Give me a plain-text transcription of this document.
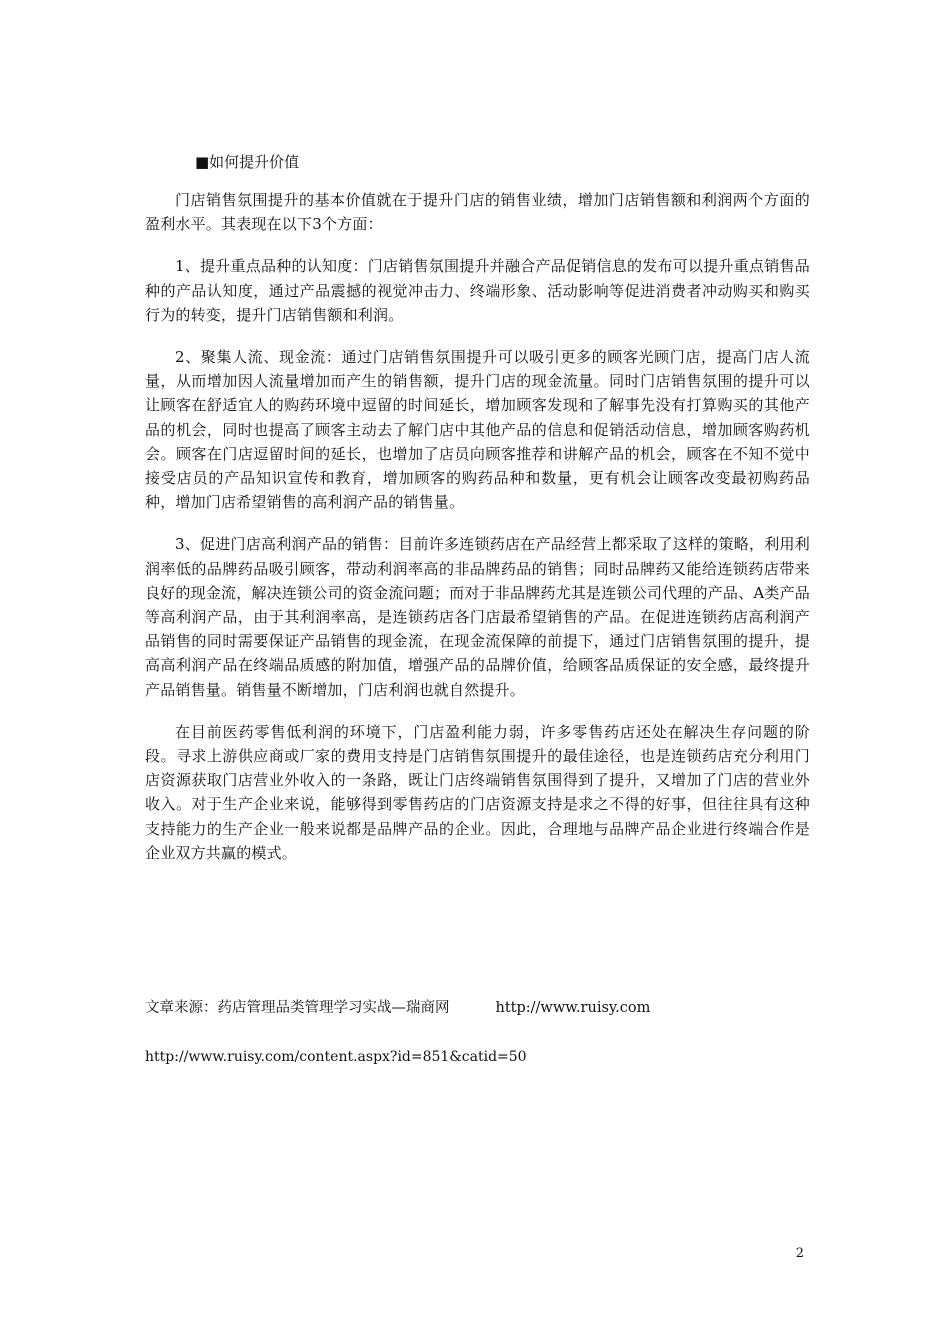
■如何提升价值

门店销售氛围提升的基本价值就在于提升门店的销售业绩，增加门店销售额和利润两个方面的盈利水平。其表现在以下3个方面：

1、提升重点品种的认知度：门店销售氛围提升并融合产品促销信息的发布可以提升重点销售品种的产品认知度，通过产品震撼的视觉冲击力、终端形象、活动影响等促进消费者冲动购买和购买行为的转变，提升门店销售额和利润。

2、聚集人流、现金流：通过门店销售氛围提升可以吸引更多的顾客光顾门店，提高门店人流量，从而增加因人流量增加而产生的销售额，提升门店的现金流量。同时门店销售氛围的提升可以让顾客在舒适宜人的购药环境中逗留的时间延长，增加顾客发现和了解事先没有打算购买的其他产品的机会，同时也提高了顾客主动去了解门店中其他产品的信息和促销活动信息，增加顾客购药机会。顾客在门店逗留时间的延长，也增加了店员向顾客推荐和讲解产品的机会，顾客在不知不觉中接受店员的产品知识宣传和教育，增加顾客的购药品种和数量，更有机会让顾客改变最初购药品种，增加门店希望销售的高利润产品的销售量。

3、促进门店高利润产品的销售：目前许多连锁药店在产品经营上都采取了这样的策略，利用利润率低的品牌药品吸引顾客，带动利润率高的非品牌药品的销售；同时品牌药又能给连锁药店带来良好的现金流，解决连锁公司的资金流问题；而对于非品牌药尤其是连锁公司代理的产品、A类产品等高利润产品，由于其利润率高，是连锁药店各门店最希望销售的产品。在促进连锁药店高利润产品销售的同时需要保证产品销售的现金流，在现金流保障的前提下，通过门店销售氛围的提升，提高高利润产品在终端品质感的附加值，增强产品的品牌价值，给顾客品质保证的安全感，最终提升产品销售量。销售量不断增加，门店利润也就自然提升。

在目前医药零售低利润的环境下，门店盈利能力弱，许多零售药店还处在解决生存问题的阶段。寻求上游供应商或厂家的费用支持是门店销售氛围提升的最佳途径，也是连锁药店充分利用门店资源获取门店营业外收入的一条路，既让门店终端销售氛围得到了提升，又增加了门店的营业外收入。对于生产企业来说，能够得到零售药店的门店资源支持是求之不得的好事，但往往具有这种支持能力的生产企业一般来说都是品牌产品的企业。因此，合理地与品牌产品企业进行终端合作是企业双方共赢的模式。

文章来源：药店管理品类管理学习实战—瑞商网	http://www.ruisy.com
http://www.ruisy.com/content.aspx?id=851&catid=50
2
